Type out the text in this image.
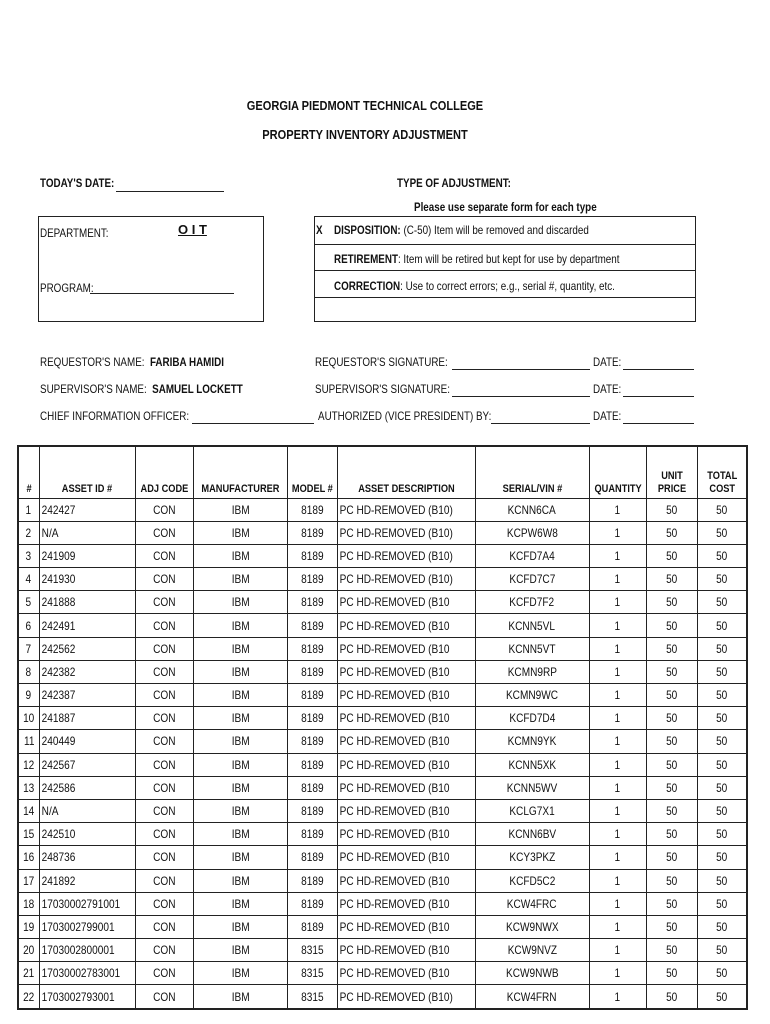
GEORGIA PIEDMONT TECHNICAL COLLEGE
PROPERTY INVENTORY ADJUSTMENT
TODAY'S DATE:	TYPE OF ADJUSTMENT:
Please use separate form for each type
DEPARTMENT:	O I T
PROGRAM:
X DISPOSITION: (C-50) Item will be removed and discarded
RETIREMENT: Item will be retired but kept for use by department
CORRECTION: Use to correct errors; e.g., serial #, quantity, etc.
REQUESTOR'S NAME: FARIBA HAMIDI
SUPERVISOR'S NAME: SAMUEL LOCKETT
CHIEF INFORMATION OFFICER:
REQUESTOR'S SIGNATURE:	DATE:
SUPERVISOR'S SIGNATURE:	DATE:
AUTHORIZED (VICE PRESIDENT) BY:	DATE:
#	ASSET ID #	ADJ CODE	MANUFACTURER	MODEL #	ASSET DESCRIPTION	SERIAL/VIN #	QUANTITY	UNIT PRICE	TOTAL COST
1	242427	CON	IBM	8189	PC HD-REMOVED (B10)	KCNN6CA	1	50	50
2	N/A	CON	IBM	8189	PC HD-REMOVED (B10)	KCPW6W8	1	50	50
3	241909	CON	IBM	8189	PC HD-REMOVED (B10)	KCFD7A4	1	50	50
4	241930	CON	IBM	8189	PC HD-REMOVED (B10)	KCFD7C7	1	50	50
5	241888	CON	IBM	8189	PC HD-REMOVED (B10	KCFD7F2	1	50	50
6	242491	CON	IBM	8189	PC HD-REMOVED (B10	KCNN5VL	1	50	50
7	242562	CON	IBM	8189	PC HD-REMOVED (B10	KCNN5VT	1	50	50
8	242382	CON	IBM	8189	PC HD-REMOVED (B10	KCMN9RP	1	50	50
9	242387	CON	IBM	8189	PC HD-REMOVED (B10	KCMN9WC	1	50	50
10	241887	CON	IBM	8189	PC HD-REMOVED (B10	KCFD7D4	1	50	50
11	240449	CON	IBM	8189	PC HD-REMOVED (B10	KCMN9YK	1	50	50
12	242567	CON	IBM	8189	PC HD-REMOVED (B10	KCNN5XK	1	50	50
13	242586	CON	IBM	8189	PC HD-REMOVED (B10	KCNN5WV	1	50	50
14	N/A	CON	IBM	8189	PC HD-REMOVED (B10	KCLG7X1	1	50	50
15	242510	CON	IBM	8189	PC HD-REMOVED (B10	KCNN6BV	1	50	50
16	248736	CON	IBM	8189	PC HD-REMOVED (B10	KCY3PKZ	1	50	50
17	241892	CON	IBM	8189	PC HD-REMOVED (B10	KCFD5C2	1	50	50
18	17030002791001	CON	IBM	8189	PC HD-REMOVED (B10	KCW4FRC	1	50	50
19	1703002799001	CON	IBM	8189	PC HD-REMOVED (B10	KCW9NWX	1	50	50
20	1703002800001	CON	IBM	8315	PC HD-REMOVED (B10	KCW9NVZ	1	50	50
21	17030002783001	CON	IBM	8315	PC HD-REMOVED (B10	KCW9NWB	1	50	50
22	1703002793001	CON	IBM	8315	PC HD-REMOVED (B10)	KCW4FRN	1	50	50
